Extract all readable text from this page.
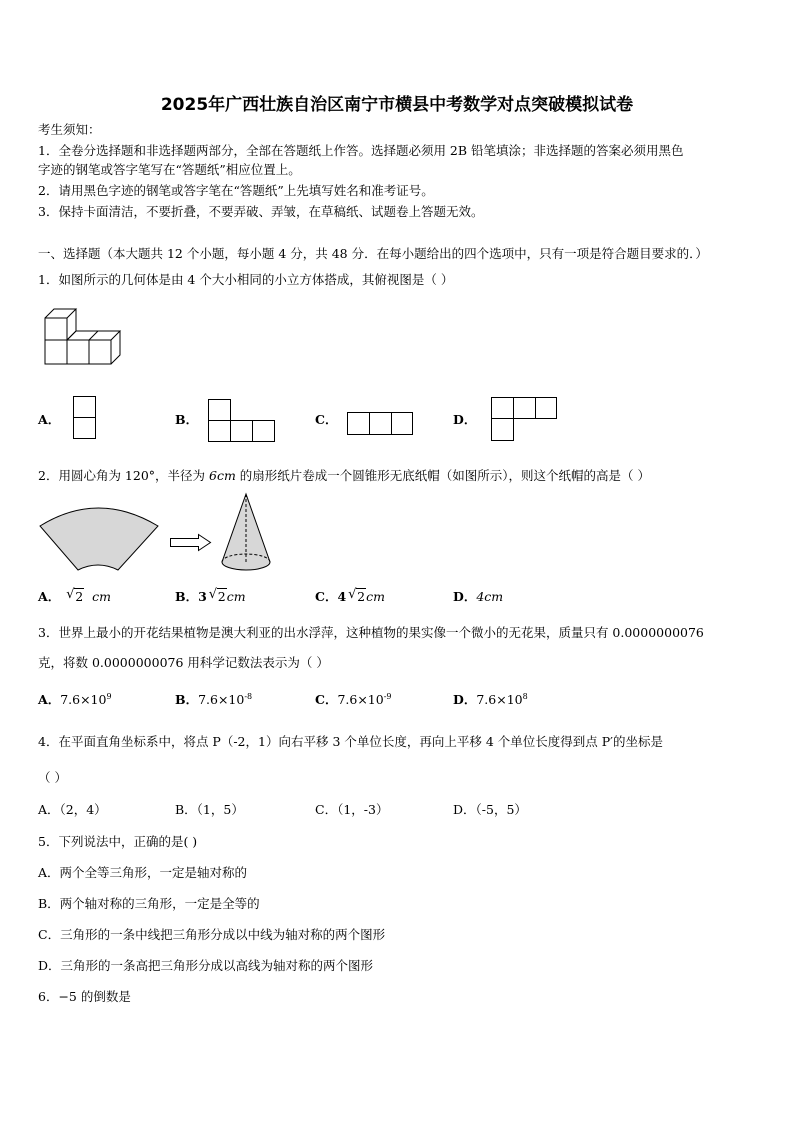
2025年广西壮族自治区南宁市横县中考数学对点突破模拟试卷
考生须知：
1．全卷分选择题和非选择题两部分，全部在答题纸上作答。选择题必须用 2B 铅笔填涂；非选择题的答案必须用黑色
字迹的钢笔或答字笔写在“答题纸”相应位置上。
2．请用黑色字迹的钢笔或答字笔在“答题纸”上先填写姓名和准考证号。
3．保持卡面清洁，不要折叠，不要弄破、弄皱，在草稿纸、试题卷上答题无效。
一、选择题（本大题共 12 个小题，每小题 4 分，共 48 分．在每小题给出的四个选项中，只有一项是符合题目要求的．）
1．如图所示的几何体是由 4 个大小相同的小立方体搭成，其俯视图是（ ）
A．	B．	C．	D．
2．用圆心角为 120°，半径为 6cm 的扇形纸片卷成一个圆锥形无底纸帽（如图所示），则这个纸帽的高是（ ）
A． √ 2 cm	B．3 √ 2cm	C．4 √ 2cm	D．4cm
3．世界上最小的开花结果植物是澳大利亚的出水浮萍，这种植物的果实像一个微小的无花果，质量只有 0.0000000076
克，将数 0.0000000076 用科学记数法表示为（ ）
A．$7.6\times 10^9$	B．$7.6\times 10^{-8}$	C．$7.6\times 10^{-9}$	D．$7.6\times 10^8$
4．在平面直角坐标系中，将点 P（-2，1）向右平移 3 个单位长度，再向上平移 4 个单位长度得到点 P′的坐标是
（ ）
A．（2，4）	B．（1，5）	C．（1，-3）	D．（-5，5）
5．下列说法中，正确的是( )
A．两个全等三角形，一定是轴对称的
B．两个轴对称的三角形，一定是全等的
C．三角形的一条中线把三角形分成以中线为轴对称的两个图形
D．三角形的一条高把三角形分成以高线为轴对称的两个图形
6．−5 的倒数是
